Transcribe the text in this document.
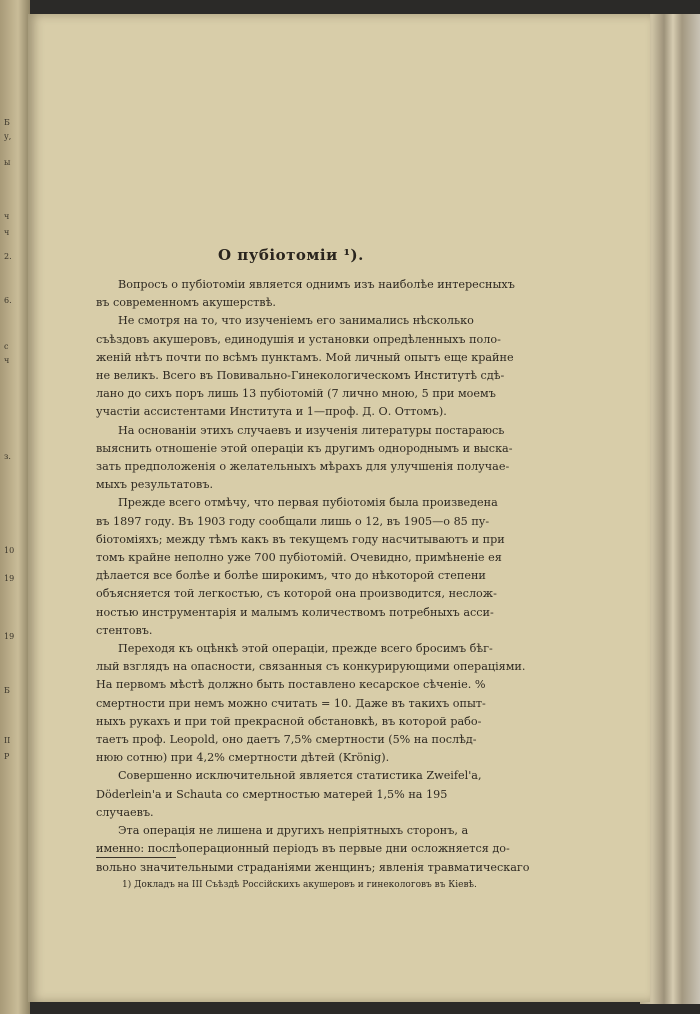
Б
у,
ы
ч
ч
2.
6.
с
ч
з.
10
19
19
Б
II
P
О пубіотоміи ¹).
Вопросъ о пубіотоміи является однимъ изъ наиболѣе интересныхъ
въ современномъ акушерствѣ.
Не смотря на то, что изученіемъ его занимались нѣсколько
съѣздовъ акушеровъ, единодушія и установки опредѣленныхъ поло-
женій нѣтъ почти по всѣмъ пунктамъ. Мой личный опытъ еще крайне
не великъ. Всего въ Повивально-Гинекологическомъ Институтѣ сдѣ-
лано до сихъ поръ лишь 13 пубіотомій (7 лично мною, 5 при моемъ
участіи ассистентами Института и 1—проф. Д. О. Оттомъ).
На основаніи этихъ случаевъ и изученія литературы постараюсь
выяснить отношеніе этой операціи къ другимъ однороднымъ и выска-
зать предположенія о желательныхъ мѣрахъ для улучшенія получае-
мыхъ результатовъ.
Прежде всего отмѣчу, что первая пубіотомія была произведена
въ 1897 году. Въ 1903 году сообщали лишь о 12, въ 1905—о 85 пу-
біотоміяхъ; между тѣмъ какъ въ текущемъ году насчитываютъ и при
томъ крайне неполно уже 700 пубіотомій. Очевидно, примѣненіе ея
дѣлается все болѣе и болѣе широкимъ, что до нѣкоторой степени
объясняется той легкостью, съ которой она производится, неслож-
ностью инструментарія и малымъ количествомъ потребныхъ асси-
стентовъ.
Переходя къ оцѣнкѣ этой операціи, прежде всего бросимъ бѣг-
лый взглядъ на опасности, связанныя съ конкурирующими операціями.
На первомъ мѣстѣ должно быть поставлено кесарское сѣченіе. %
смертности при немъ можно считать = 10. Даже въ такихъ опыт-
ныхъ рукахъ и при той прекрасной обстановкѣ, въ которой рабо-
таетъ проф. Leopold, оно даетъ 7,5% смертности (5% на послѣд-
нюю сотню) при 4,2% смертности дѣтей (Krönig).
Совершенно исключительной является статистика Zweifel'a,
Döderlein'a и Schauta со смертностью матерей 1,5% на 195
случаевъ.
Эта операція не лишена и другихъ непріятныхъ сторонъ, а
именно: послѣоперационный періодъ въ первые дни осложняется до-
вольно значительными страданіями женщинъ; явленія травматическаго
1) Докладъ на III Съѣздѣ Россійскихъ акушеровъ и гинекологовъ въ Кіевѣ.
